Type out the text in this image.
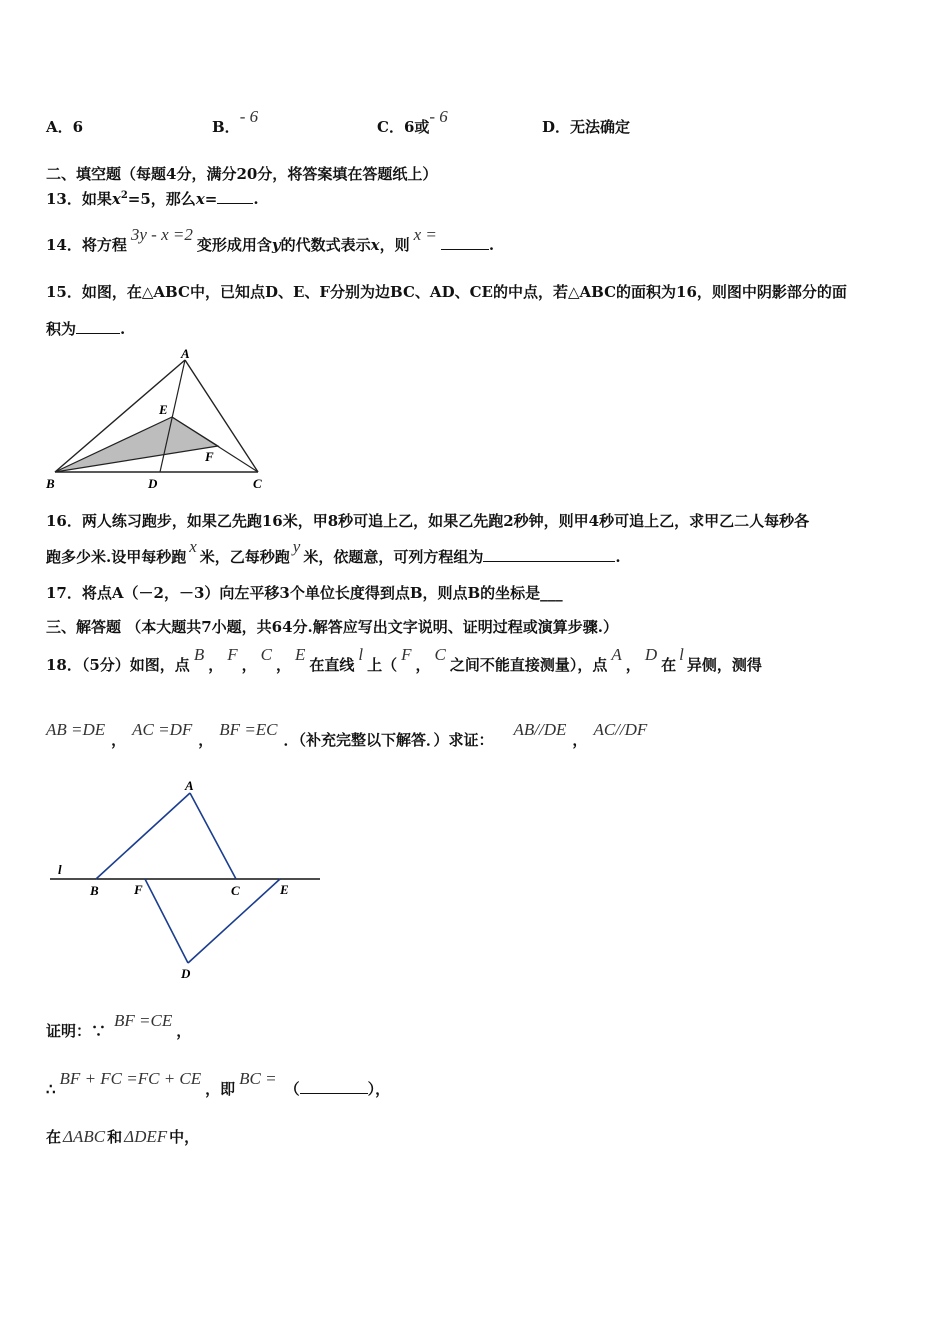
A．6	B．- 6
C．6或- 6
D．无法确定
二、填空题（每题4分，满分20分，将答案填在答题纸上）
13．如果$x^2=5$，那么x= .
14．将方程3y - x =2变形成用含y的代数式表示x，则x =.
15．如图，在△ABC中，已知点D、E、F分别为边BC、AD、CE的中点，若△ABC的面积为16，则图中阴影部分的面
积为	.
A
E
F
B	D	C
16．两人练习跑步，如果乙先跑16米，甲8秒可追上乙，如果乙先跑2秒钟，则甲4秒可追上乙，求甲乙二人每秒各
跑多少米.设甲每秒跑x米，乙每秒跑y米，依题意，可列方程组为	.
17．将点A（－2，－3）向左平移3个单位长度得到点B，则点B的坐标是___
三、解答题 （本大题共7小题，共64分.解答应写出文字说明、证明过程或演算步骤.）
18．（5分）如图，点B，F，C，E在直线l上（F，C之间不能直接测量），点A，D在l异侧，测得
AB =DE，AC =DF，BF =EC．（补充完整以下解答．）求证：AB//DE，AC//DF
l
A
B	F	C	E
D
证明：∵BF =CE，
∴BF + FC =FC + CE，即BC =（	），
在 ΔABC 和 ΔDEF 中，
